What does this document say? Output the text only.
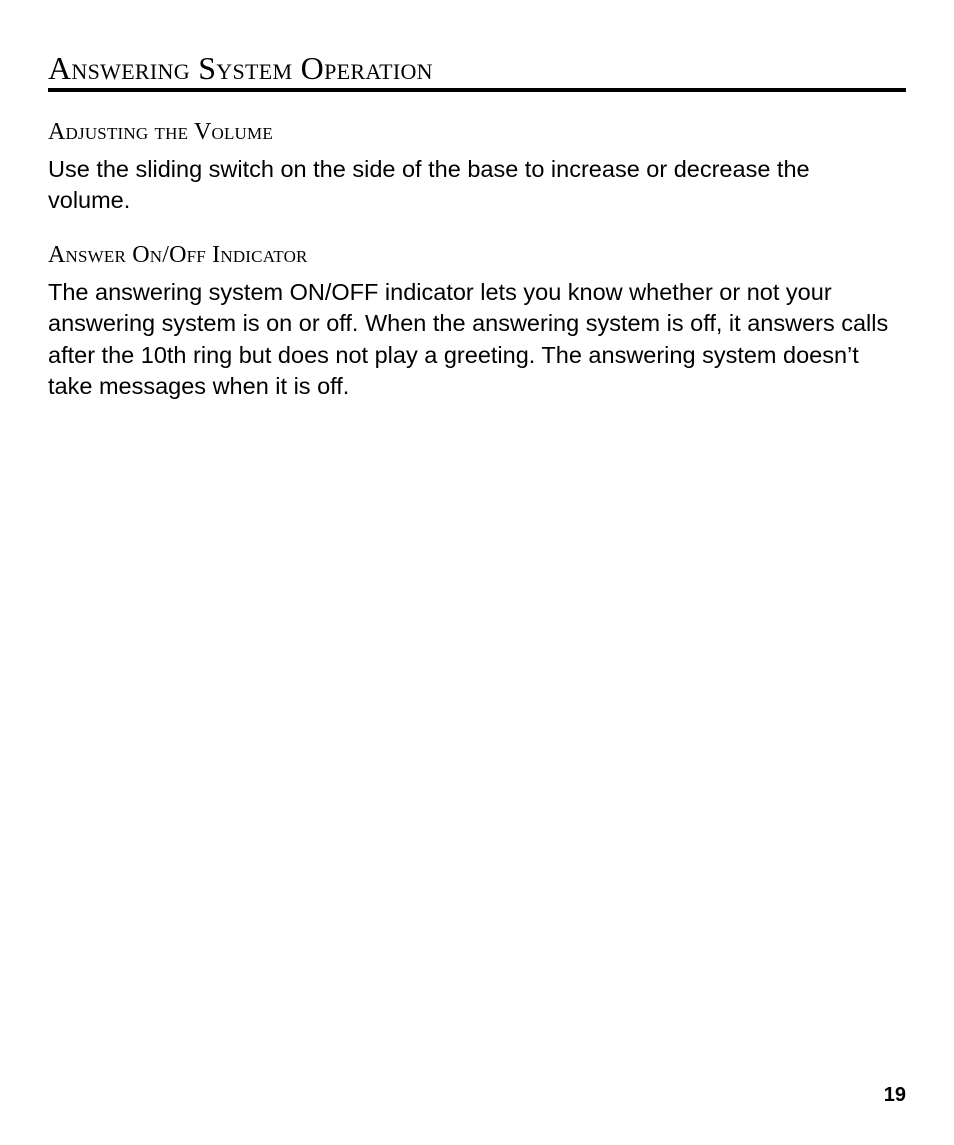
Answering System Operation
Adjusting the Volume

Use the sliding switch on the side of the base to increase or decrease the volume.

Answer On/Off Indicator

The answering system ON/OFF indicator lets you know whether or not your answering system is on or off. When the answering system is off, it answers calls after the 10th ring but does not play a greeting. The answering system doesn’t take messages when it is off.

19
